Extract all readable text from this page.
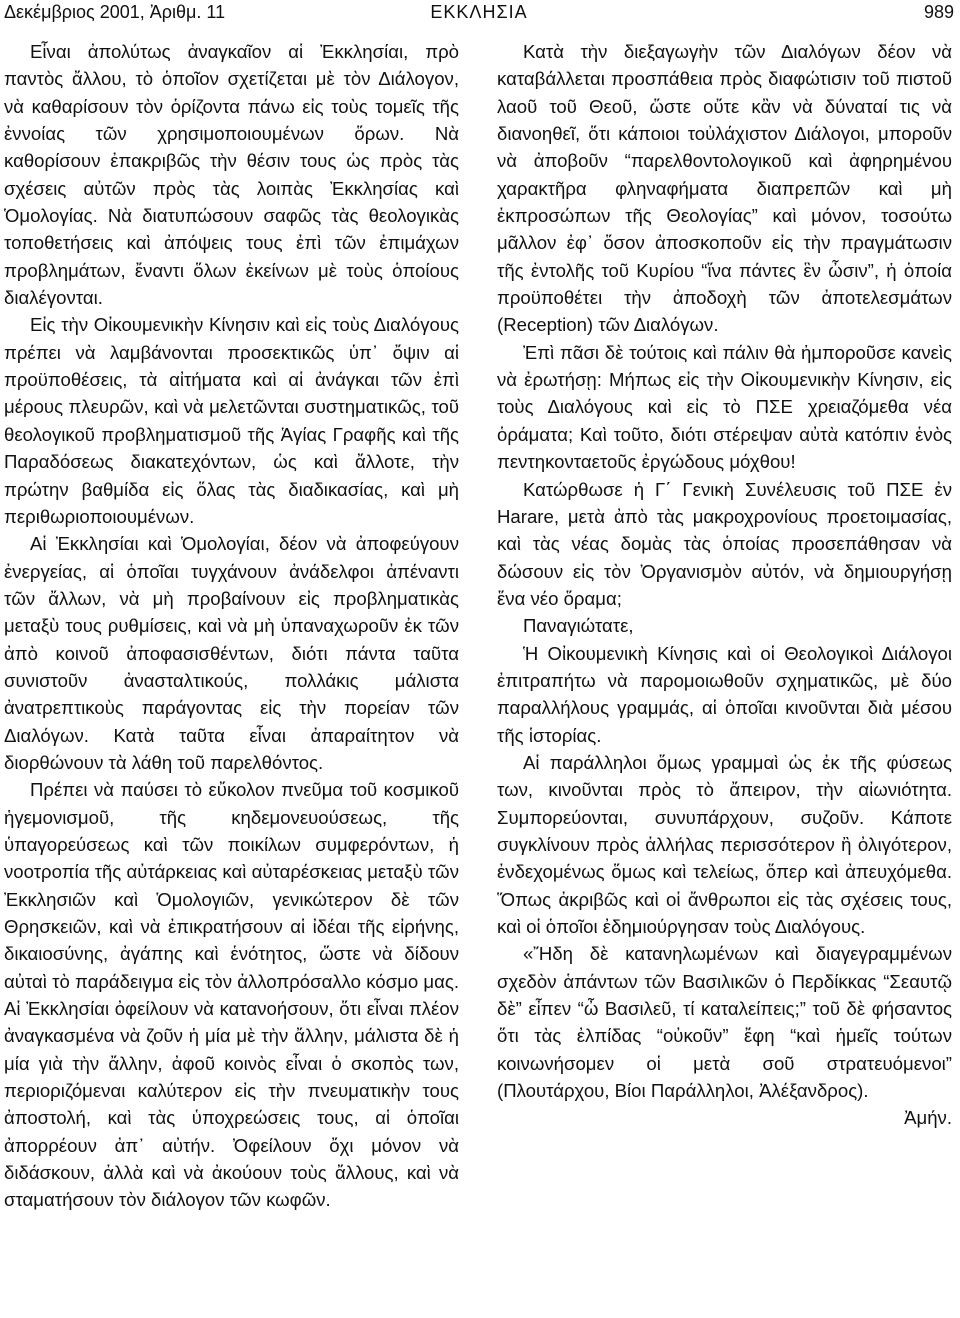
Δεκέμβριος 2001, Ἀριθμ. 11	ΕΚΚΛΗΣΙΑ	989

Εἶναι ἀπολύτως ἀναγκαῖον αἱ Ἐκκλησίαι, πρὸ παντὸς ἄλλου, τὸ ὁποῖον σχετίζεται μὲ τὸν Διάλογον, νὰ καθαρίσουν τὸν ὁρίζοντα πάνω εἰς τοὺς τομεῖς τῆς ἐννοίας τῶν χρησιμοποιουμένων ὅρων. Νὰ καθορίσουν ἐπακριβῶς τὴν θέσιν τους ὡς πρὸς τὰς σχέσεις αὐτῶν πρὸς τὰς λοιπὰς Ἐκκλησίας καὶ Ὁμολογίας. Νὰ διατυπώσουν σαφῶς τὰς θεολογικὰς τοποθετήσεις καὶ ἀπόψεις τους ἐπὶ τῶν ἐπιμάχων προβλημάτων, ἔναντι ὅλων ἐκείνων μὲ τοὺς ὁποίους διαλέγονται.

Εἰς τὴν Οἰκουμενικὴν Κίνησιν καὶ εἰς τοὺς Διαλόγους πρέπει νὰ λαμβάνονται προσεκτικῶς ὑπ᾽ ὄψιν αἱ προϋποθέσεις, τὰ αἰτήματα καὶ αἱ ἀνάγκαι τῶν ἐπὶ μέρους πλευρῶν, καὶ νὰ μελετῶνται συστηματικῶς, τοῦ θεολογικοῦ προβληματισμοῦ τῆς Ἁγίας Γραφῆς καὶ τῆς Παραδόσεως διακατεχόντων, ὡς καὶ ἄλλοτε, τὴν πρώτην βαθμίδα εἰς ὅλας τὰς διαδικασίας, καὶ μὴ περιθωριοποιουμένων.

Αἱ Ἐκκλησίαι καὶ Ὁμολογίαι, δέον νὰ ἀποφεύγουν ἐνεργείας, αἱ ὁποῖαι τυγχάνουν ἀνάδελφοι ἀπέναντι τῶν ἄλλων, νὰ μὴ προβαίνουν εἰς προβληματικὰς μεταξὺ τους ρυθμίσεις, καὶ νὰ μὴ ὑπαναχωροῦν ἐκ τῶν ἀπὸ κοινοῦ ἀποφασισθέντων, διότι πάντα ταῦτα συνιστοῦν ἀνασταλτικούς, πολλάκις μάλιστα ἀνατρεπτικοὺς παράγοντας εἰς τὴν πορείαν τῶν Διαλόγων. Κατὰ ταῦτα εἶναι ἀπαραίτητον νὰ διορθώνουν τὰ λάθη τοῦ παρελθόντος.

Πρέπει νὰ παύσει τὸ εὔκολον πνεῦμα τοῦ κοσμικοῦ ἡγεμονισμοῦ, τῆς κηδεμονευούσεως, τῆς ὑπαγορεύσεως καὶ τῶν ποικίλων συμφερόντων, ἡ νοοτροπία τῆς αὐτάρκειας καὶ αὐταρέσκειας μεταξὺ τῶν Ἐκκλησιῶν καὶ Ὁμολογιῶν, γενικώτερον δὲ τῶν Θρησκειῶν, καὶ νὰ ἐπικρατήσουν αἱ ἰδέαι τῆς εἰρήνης, δικαιοσύνης, ἀγάπης καὶ ἑνότητος, ὥστε νὰ δίδουν αὐταὶ τὸ παράδειγμα εἰς τὸν ἀλλοπρόσαλλο κόσμο μας. Αἱ Ἐκκλησίαι ὀφείλουν νὰ κατανοήσουν, ὅτι εἶναι πλέον ἀναγκασμένα νὰ ζοῦν ἡ μία μὲ τὴν ἄλλην, μάλιστα δὲ ἡ μία γιὰ τὴν ἄλλην, ἀφοῦ κοινὸς εἶναι ὁ σκοπὸς των, περιοριζόμεναι καλύτερον εἰς τὴν πνευματικὴν τους ἀποστολή, καὶ τὰς ὑποχρεώσεις τους, αἱ ὁποῖαι ἀπορρέουν ἀπ᾽ αὐτήν. Ὀφείλουν ὄχι μόνον νὰ διδάσκουν, ἀλλὰ καὶ νὰ ἀκούουν τοὺς ἄλλους, καὶ νὰ σταματήσουν τὸν διάλογον τῶν κωφῶν.

Κατὰ τὴν διεξαγωγὴν τῶν Διαλόγων δέον νὰ καταβάλλεται προσπάθεια πρὸς διαφώτισιν τοῦ πιστοῦ λαοῦ τοῦ Θεοῦ, ὥστε οὔτε κἂν νὰ δύναταί τις νὰ διανοηθεῖ, ὅτι κάποιοι τοὐλάχιστον Διάλογοι, μποροῦν νὰ ἀποβοῦν “παρελθοντολογικοῦ καὶ ἀφηρημένου χαρακτῆρα φληναφήματα διαπρεπῶν καὶ μὴ ἐκπροσώπων τῆς Θεολογίας” καὶ μόνον, τοσούτω μᾶλλον ἐφ᾽ ὅσον ἀποσκοποῦν εἰς τὴν πραγμάτωσιν τῆς ἐντολῆς τοῦ Κυρίου “ἵνα πάντες ἓν ὦσιν”, ἡ ὁποία προϋποθέτει τὴν ἀποδοχὴ τῶν ἀποτελεσμάτων (Reception) τῶν Διαλόγων.

Ἐπὶ πᾶσι δὲ τούτοις καὶ πάλιν θὰ ἠμποροῦσε κανεὶς νὰ ἐρωτήσῃ: Μήπως εἰς τὴν Οἰκουμενικὴν Κίνησιν, εἰς τοὺς Διαλόγους καὶ εἰς τὸ ΠΣΕ χρειαζόμεθα νέα ὁράματα; Καὶ τοῦτο, διότι στέρεψαν αὐτὰ κατόπιν ἑνὸς πεντηκονταετοῦς ἐργώδους μόχθου!

Κατώρθωσε ἡ Γ΄ Γενικὴ Συνέλευσις τοῦ ΠΣΕ ἐν Harare, μετὰ ἀπὸ τὰς μακροχρονίους προετοιμασίας, καὶ τὰς νέας δομὰς τὰς ὁποίας προσεπάθησαν νὰ δώσουν εἰς τὸν Ὀργανισμὸν αὐτόν, νὰ δημιουργήσῃ ἕνα νέο ὅραμα;

Παναγιώτατε,

Ἡ Οἰκουμενικὴ Κίνησις καὶ οἱ Θεολογικοὶ Διάλογοι ἐπιτραπήτω νὰ παρομοιωθοῦν σχηματικῶς, μὲ δύο παραλλήλους γραμμάς, αἱ ὁποῖαι κινοῦνται διὰ μέσου τῆς ἱστορίας.

Αἱ παράλληλοι ὅμως γραμμαὶ ὡς ἐκ τῆς φύσεως των, κινοῦνται πρὸς τὸ ἄπειρον, τὴν αἰωνιότητα. Συμπορεύονται, συνυπάρχουν, συζοῦν. Κάποτε συγκλίνουν πρὸς ἀλλήλας περισσότερον ἢ ὀλιγότερον, ἐνδεχομένως ὅμως καὶ τελείως, ὅπερ καὶ ἀπευχόμεθα. Ὅπως ἀκριβῶς καὶ οἱ ἄνθρωποι εἰς τὰς σχέσεις τους, καὶ οἱ ὁποῖοι ἐδημιούργησαν τοὺς Διαλόγους.

«Ἤδη δὲ κατανηλωμένων καὶ διαγεγραμμένων σχεδὸν ἁπάντων τῶν Βασιλικῶν ὁ Περδίκκας “Σεαυτῷ δὲ” εἶπεν “ὦ Βασιλεῦ, τί καταλείπεις;” τοῦ δὲ φήσαντος ὅτι τὰς ἐλπίδας “οὐκοῦν” ἔφη “καὶ ἡμεῖς τούτων κοινωνήσομεν οἱ μετὰ σοῦ στρατευόμενοι” (Πλουτάρχου, Βίοι Παράλληλοι, Ἀλέξανδρος).

Ἀμήν.
